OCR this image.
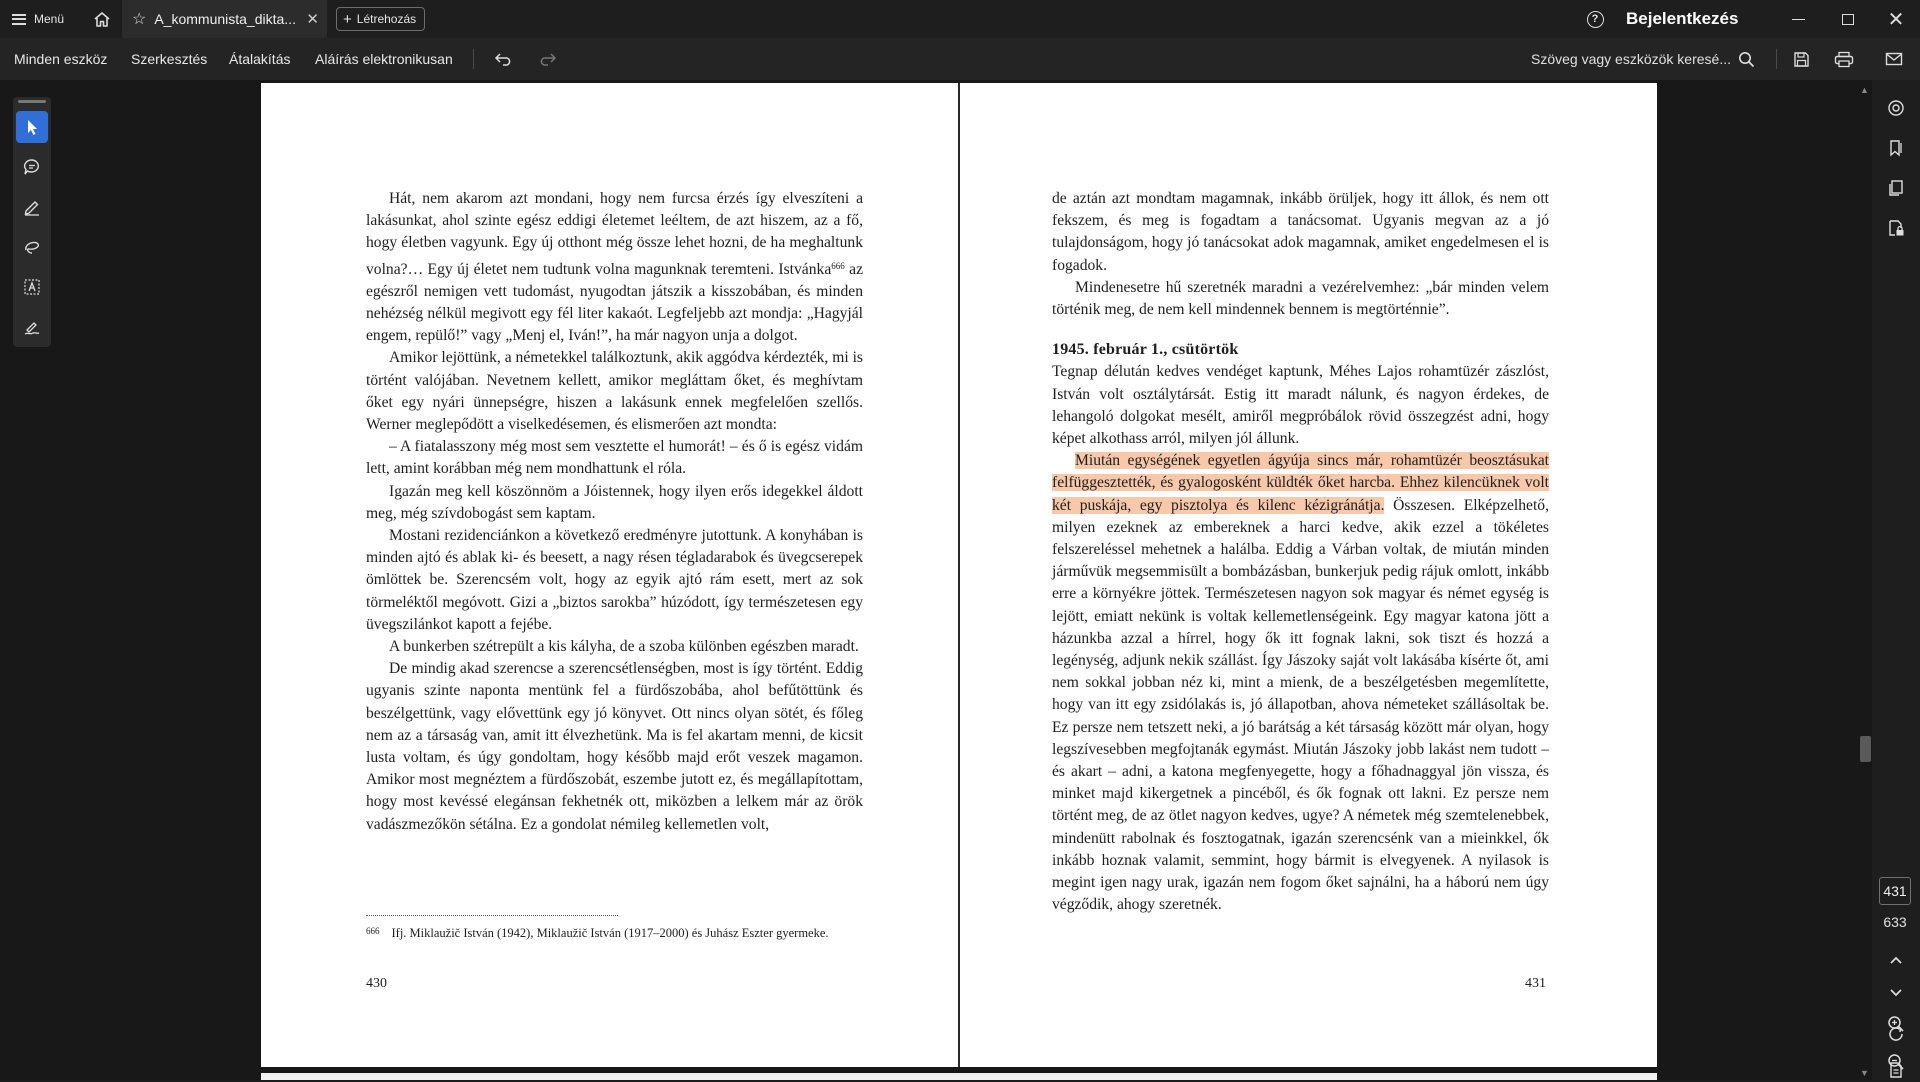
Menü	☆ A_kommunista_dikta... ✕ + Létrehozás	?	Bejelentkezés	✕
Minden eszköz Szerkesztés Átalakítás Aláírás elektronikusan	Szöveg vagy eszközök keresé...

Hát, nem akarom azt mondani, hogy nem furcsa érzés így elveszíteni a lakásunkat, ahol szinte egész eddigi életemet leéltem, de azt hiszem, az a fő, hogy életben vagyunk. Egy új otthont még össze lehet hozni, de ha meghaltunk volna?… Egy új életet nem tudtunk volna magunknak teremteni. Istvánka$^{666}$ az egészről nemigen vett tudomást, nyugodtan játszik a kisszobában, és minden nehézség nélkül megivott egy fél liter kakaót. Legfeljebb azt mondja: „Hagyjál engem, repülő!” vagy „Menj el, Iván!”, ha már nagyon unja a dolgot.

Amikor lejöttünk, a németekkel találkoztunk, akik aggódva kérdezték, mi is történt valójában. Nevetnem kellett, amikor megláttam őket, és meghívtam őket egy nyári ünnepségre, hiszen a lakásunk ennek megfelelően szellős. Werner meglepődött a viselkedésemen, és elismerően azt mondta:

– A fiatalasszony még most sem vesztette el humorát! – és ő is egész vidám lett, amint korábban még nem mondhattunk el róla.

Igazán meg kell köszönnöm a Jóistennek, hogy ilyen erős idegekkel áldott meg, még szívdobogást sem kaptam.

Mostani rezidenciánkon a következő eredményre jutottunk. A konyhában is minden ajtó és ablak ki- és beesett, a nagy résen tégladarabok és üvegcserepek ömlöttek be. Szerencsém volt, hogy az egyik ajtó rám esett, mert az sok törmeléktől megóvott. Gizi a „biztos sarokba” húzódott, így természetesen egy üvegszilánkot kapott a fejébe.

A bunkerben szétrepült a kis kályha, de a szoba különben egészben maradt.

De mindig akad szerencse a szerencsétlenségben, most is így történt. Eddig ugyanis szinte naponta mentünk fel a fürdőszobába, ahol befűtöttünk és beszélgettünk, vagy elővettünk egy jó könyvet. Ott nincs olyan sötét, és főleg nem az a társaság van, amit itt élvezhetünk. Ma is fel akartam menni, de kicsit lusta voltam, és úgy gondoltam, hogy később majd erőt veszek magamon. Amikor most megnéztem a fürdőszobát, eszembe jutott ez, és megállapítottam, hogy most kevéssé elegánsan fekhetnék ott, miközben a lelkem már az örök vadászmezőkön sétálna. Ez a gondolat némileg kellemetlen volt,

$^{666}$ Ifj. Miklaužič István (1942), Miklaužič István (1917–2000) és Juhász Eszter gyermeke.
430

de aztán azt mondtam magamnak, inkább örüljek, hogy itt állok, és nem ott fekszem, és meg is fogadtam a tanácsomat. Ugyanis megvan az a jó tulajdonságom, hogy jó tanácsokat adok magamnak, amiket engedelmesen el is fogadok.

Mindenesetre hű szeretnék maradni a vezérelvemhez: „bár minden velem történik meg, de nem kell mindennek bennem is megtörténnie”.

1945. február 1., csütörtök

Tegnap délután kedves vendéget kaptunk, Méhes Lajos rohamtüzér zászlóst, István volt osztálytársát. Estig itt maradt nálunk, és nagyon érdekes, de lehangoló dolgokat mesélt, amiről megpróbálok rövid összegzést adni, hogy képet alkothass arról, milyen jól állunk.

Miután egységének egyetlen ágyúja sincs már, rohamtüzér beosztásukat felfüggesztették, és gyalogosként küldték őket harcba. Ehhez kilencüknek volt két puskája, egy pisztolya és kilenc kézigránátja. Összesen. Elképzelhető, milyen ezeknek az embereknek a harci kedve, akik ezzel a tökéletes felszereléssel mehetnek a halálba. Eddig a Várban voltak, de miután minden járművük megsemmisült a bombázásban, bunkerjuk pedig rájuk omlott, inkább erre a környékre jöttek. Természetesen nagyon sok magyar és német egység is lejött, emiatt nekünk is voltak kellemetlenségeink. Egy magyar katona jött a házunkba azzal a hírrel, hogy ők itt fognak lakni, sok tiszt és hozzá a legénység, adjunk nekik szállást. Így Jászoky saját volt lakásába kísérte őt, ami nem sokkal jobban néz ki, mint a mienk, de a beszélgetésben megemlítette, hogy van itt egy zsidólakás is, jó állapotban, ahova németeket szállásoltak be. Ez persze nem tetszett neki, a jó barátság a két társaság között már olyan, hogy legszívesebben megfojtanák egymást. Miután Jászoky jobb lakást nem tudott – és akart – adni, a katona megfenyegette, hogy a főhadnaggyal jön vissza, és minket majd kikergetnek a pincéből, és ők fognak ott lakni. Ez persze nem történt meg, de az ötlet nagyon kedves, ugye? A németek még szemtelenebbek, mindenütt rabolnak és fosztogatnak, igazán szerencsénk van a mieinkkel, ők inkább hoznak valamit, semmint, hogy bármit is elvegyenek. A nyilasok is megint igen nagy urak, igazán nem fogom őket sajnálni, ha a háború nem úgy végződik, ahogy szeretnék.

431
▲
▼
431
633
